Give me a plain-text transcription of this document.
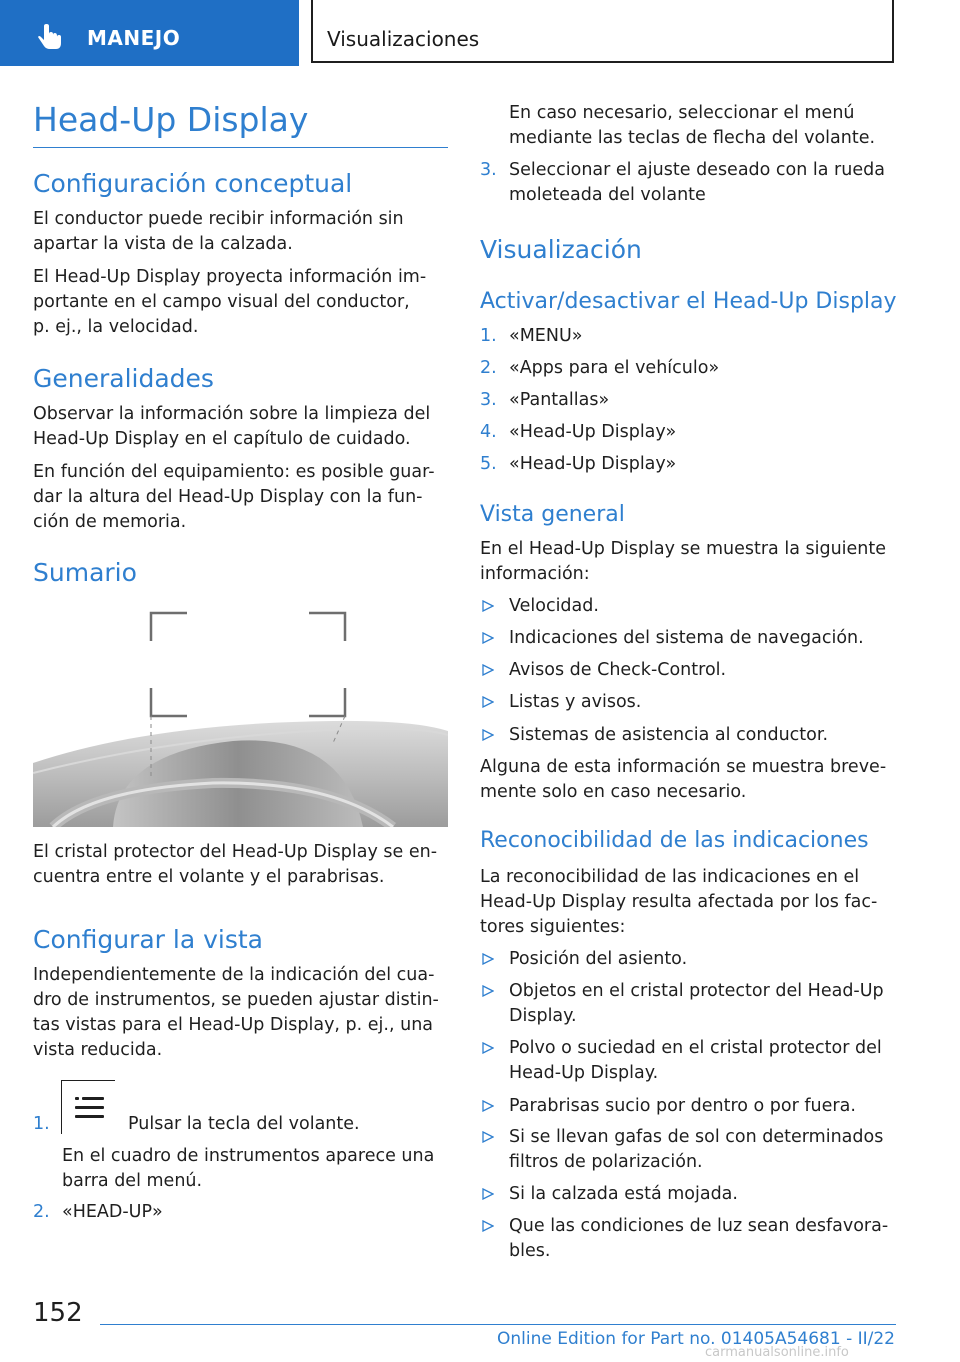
MANEJO	Visualizaciones
Head-Up Display
Configuración conceptual
El conductor puede recibir información sin
apartar la vista de la calzada.
El Head-Up Display proyecta información im-
portante en el campo visual del conductor,
p. ej., la velocidad.
Generalidades
Observar la información sobre la limpieza del
Head-Up Display en el capítulo de cuidado.
En función del equipamiento: es posible guar-
dar la altura del Head-Up Display con la fun-
ción de memoria.
Sumario
El cristal protector del Head-Up Display se en-
cuentra entre el volante y el parabrisas.
Configurar la vista
Independientemente de la indicación del cua-
dro de instrumentos, se pueden ajustar distin-
tas vistas para el Head-Up Display, p. ej., una
vista reducida.
1.	Pulsar la tecla del volante.
En el cuadro de instrumentos aparece una
barra del menú.
2. «HEAD-UP»
En caso necesario, seleccionar el menú
mediante las teclas de flecha del volante.
3. Seleccionar el ajuste deseado con la rueda
moleteada del volante
Visualización
Activar/desactivar el Head-Up Display
1. «MENU»
2. «Apps para el vehículo»
3. «Pantallas»
4. «Head-Up Display»
5. «Head-Up Display»
Vista general
En el Head-Up Display se muestra la siguiente
información:
Velocidad.
Indicaciones del sistema de navegación.
Avisos de Check-Control.
Listas y avisos.
Sistemas de asistencia al conductor.
Alguna de esta información se muestra breve-
mente solo en caso necesario.
Reconocibilidad de las indicaciones
La reconocibilidad de las indicaciones en el
Head-Up Display resulta afectada por los fac-
tores siguientes:
Posición del asiento.
Objetos en el cristal protector del Head-Up
Display.
Polvo o suciedad en el cristal protector del
Head-Up Display.
Parabrisas sucio por dentro o por fuera.
Si se llevan gafas de sol con determinados
filtros de polarización.
Si la calzada está mojada.
Que las condiciones de luz sean desfavora-
bles.
152
Online Edition for Part no. 01405A54681 - II/22
carmanualsonline.info
